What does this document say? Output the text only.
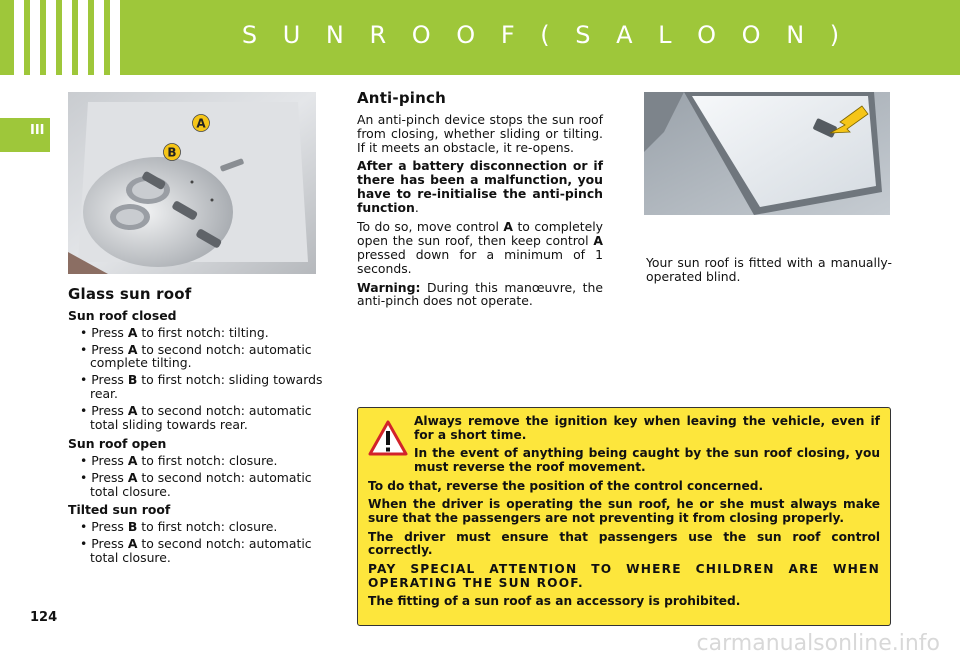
S U N R O O F ( S A L O O N )
III	A
B
Glass sun roof
Sun roof closed
• Press A to first notch: tilting.
• Press A to second notch: automatic complete tilting.
• Press B to first notch: sliding towards rear.
• Press A to second notch: automatic total sliding towards rear.
Sun roof open
• Press A to first notch: closure.
• Press A to second notch: automatic total closure.
Tilted sun roof
• Press B to first notch: closure.
• Press A to second notch: automatic total closure.
Anti-pinch

An anti-pinch device stops the sun roof from closing, whether sliding or tilting. If it meets an obstacle, it re-opens.

After a battery disconnection or if there has been a malfunction, you have to re-initialise the anti-pinch function.

To do so, move control A to completely open the sun roof, then keep control A pressed down for a minimum of 1 seconds.

Warning: During this manœuvre, the anti-pinch does not operate.

Your sun roof is fitted with a manually-operated blind.

Always remove the ignition key when leaving the vehicle, even if for a short time.

In the event of anything being caught by the sun roof closing, you must reverse the roof movement.

To do that, reverse the position of the control concerned.

When the driver is operating the sun roof, he or she must always make sure that the passengers are not preventing it from closing properly.

The driver must ensure that passengers use the sun roof control correctly.

PAY SPECIAL ATTENTION TO WHERE CHILDREN ARE WHEN OPERATING THE SUN ROOF.

The fitting of a sun roof as an accessory is prohibited.

124
carmanualsonline.info
